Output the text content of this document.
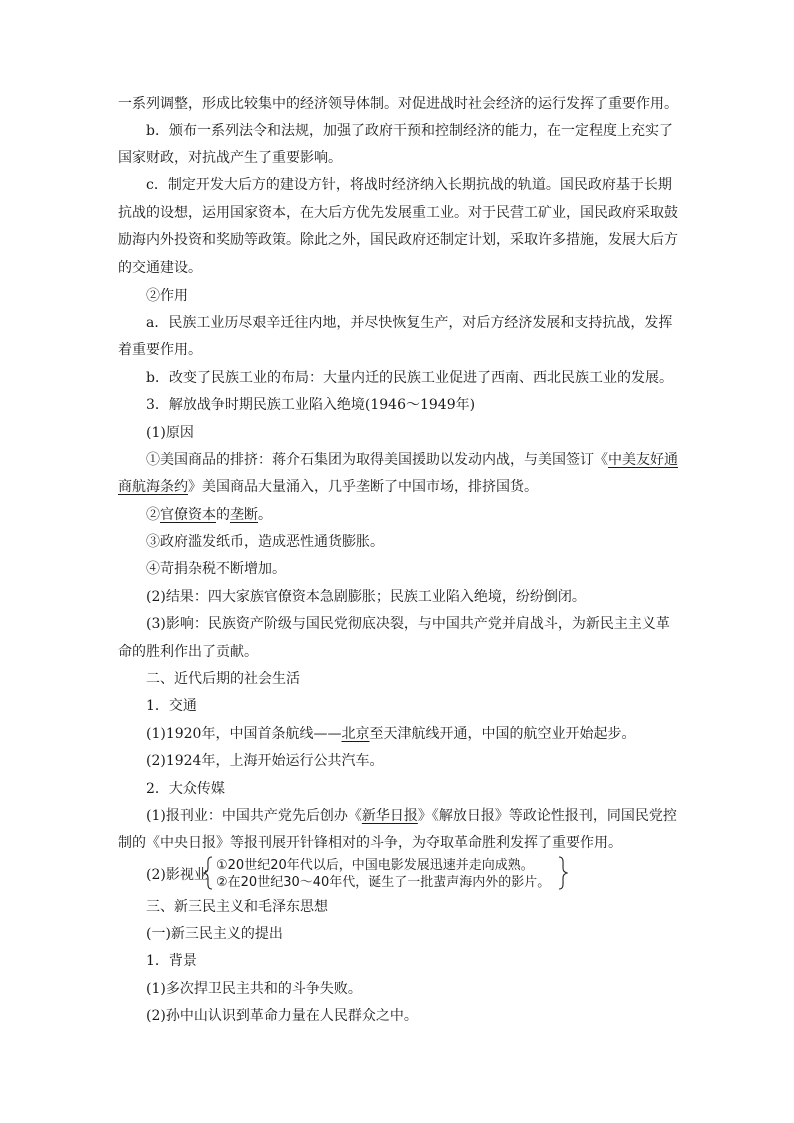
一系列调整，形成比较集中的经济领导体制。对促进战时社会经济的运行发挥了重要作用。
b．颁布一系列法令和法规，加强了政府干预和控制经济的能力，在一定程度上充实了
国家财政，对抗战产生了重要影响。
c．制定开发大后方的建设方针，将战时经济纳入长期抗战的轨道。国民政府基于长期
抗战的设想，运用国家资本，在大后方优先发展重工业。对于民营工矿业，国民政府采取鼓
励海内外投资和奖励等政策。除此之外，国民政府还制定计划，采取许多措施，发展大后方
的交通建设。
②作用
a．民族工业历尽艰辛迁往内地，并尽快恢复生产，对后方经济发展和支持抗战，发挥
着重要作用。
b．改变了民族工业的布局：大量内迁的民族工业促进了西南、西北民族工业的发展。
3．解放战争时期民族工业陷入绝境(1946～1949年)
(1)原因
①美国商品的排挤：蒋介石集团为取得美国援助以发动内战，与美国签订《中美友好通
商航海条约》美国商品大量涌入，几乎垄断了中国市场，排挤国货。
②官僚资本的垄断。
③政府滥发纸币，造成恶性通货膨胀。
④苛捐杂税不断增加。
(2)结果：四大家族官僚资本急剧膨胀；民族工业陷入绝境，纷纷倒闭。
(3)影响：民族资产阶级与国民党彻底决裂，与中国共产党并肩战斗，为新民主主义革
命的胜利作出了贡献。
二、近代后期的社会生活
1．交通
(1)1920年，中国首条航线——北京至天津航线开通，中国的航空业开始起步。
(2)1924年，上海开始运行公共汽车。
2．大众传媒
(1)报刊业：中国共产党先后创办《新华日报》《解放日报》等政论性报刊，同国民党控
制的《中央日报》等报刊展开针锋相对的斗争，为夺取革命胜利发挥了重要作用。
(2)影视业
①20世纪20年代以后，中国电影发展迅速并走向成熟。
②在20世纪30～40年代，诞生了一批蜚声海内外的影片。
三、新三民主义和毛泽东思想
(一)新三民主义的提出
1．背景
(1)多次捍卫民主共和的斗争失败。
(2)孙中山认识到革命力量在人民群众之中。
